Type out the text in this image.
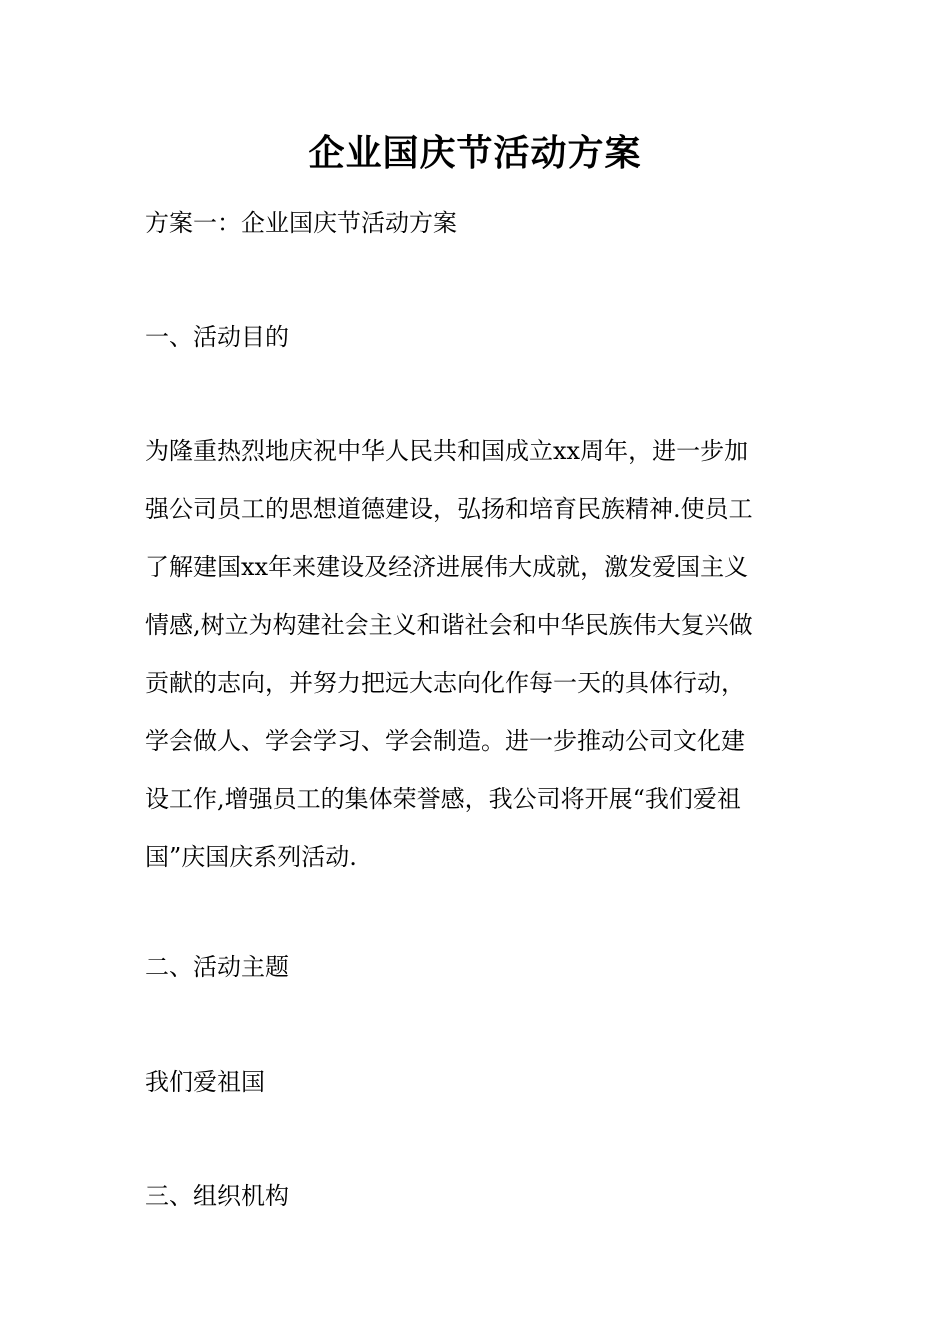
企业国庆节活动方案
方案一：企业国庆节活动方案
一、活动目的
为隆重热烈地庆祝中华人民共和国成立xx周年，进一步加
强公司员工的思想道德建设，弘扬和培育民族精神.使员工
了解建国xx年来建设及经济进展伟大成就，激发爱国主义
情感,树立为构建社会主义和谐社会和中华民族伟大复兴做
贡献的志向，并努力把远大志向化作每一天的具体行动，
学会做人、学会学习、学会制造。进一步推动公司文化建
设工作,增强员工的集体荣誉感，我公司将开展“我们爱祖
国”庆国庆系列活动.
二、活动主题
我们爱祖国
三、组织机构
